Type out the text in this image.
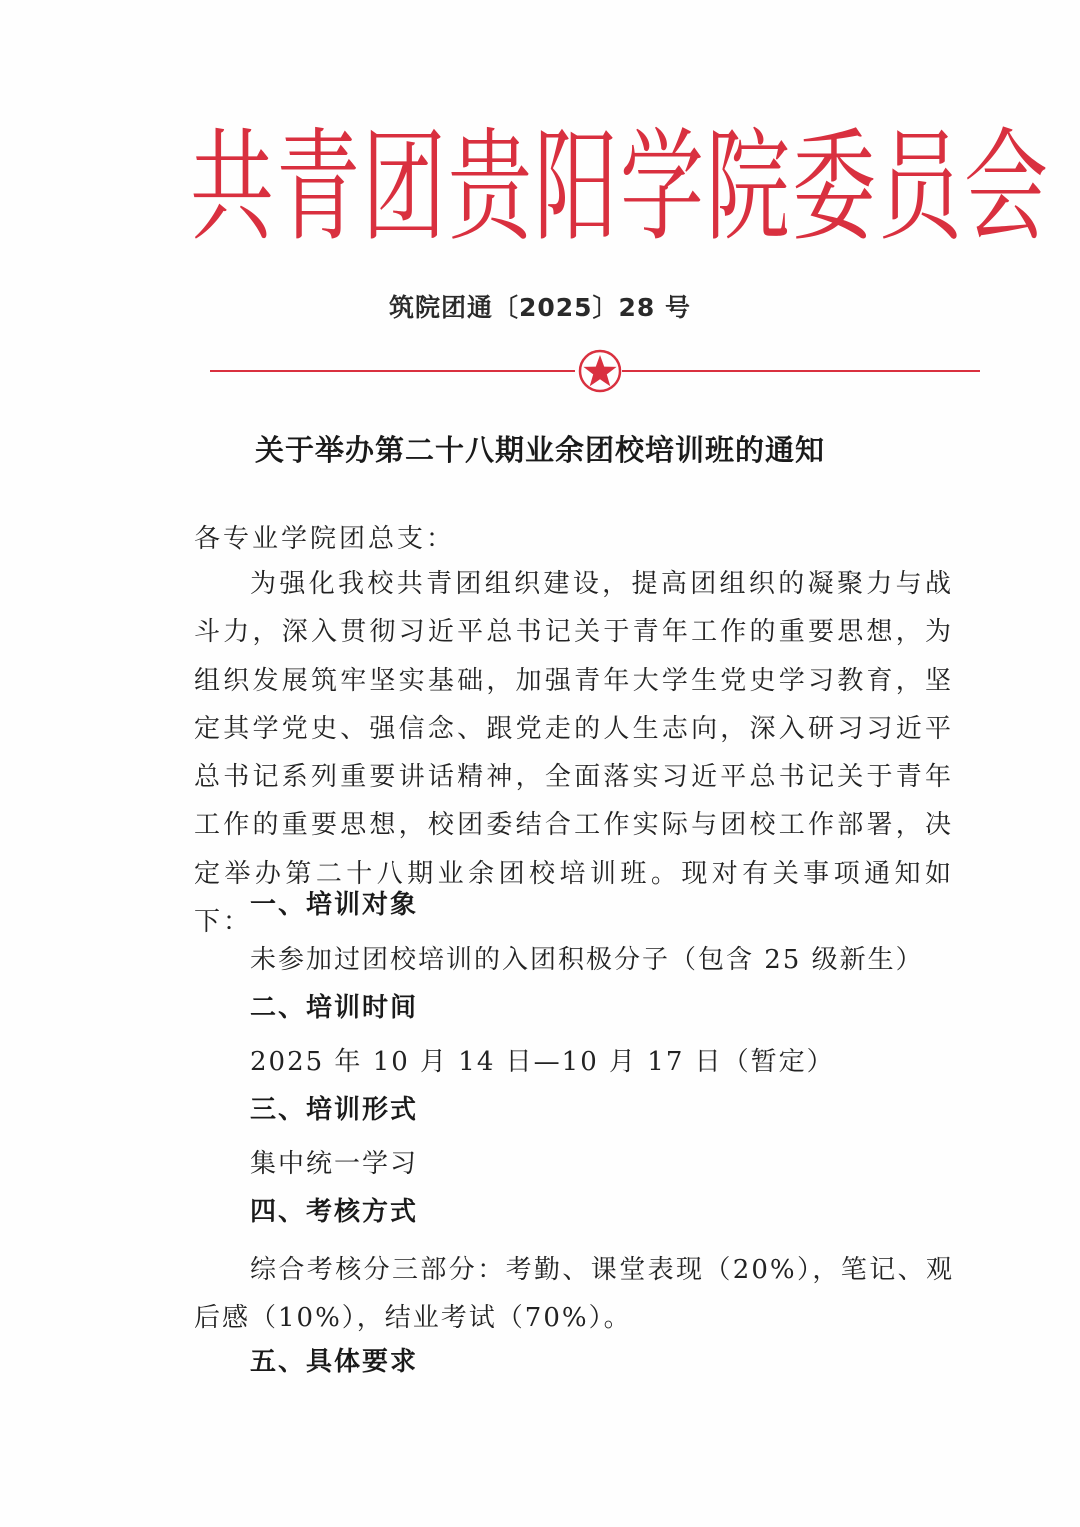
共青团贵阳学院委员会
筑院团通〔2025〕28 号
关于举办第二十八期业余团校培训班的通知
各专业学院团总支：
为强化我校共青团组织建设，提高团组织的凝聚力与战斗力，深入贯彻习近平总书记关于青年工作的重要思想，为组织发展筑牢坚实基础，加强青年大学生党史学习教育，坚定其学党史、强信念、跟党走的人生志向，深入研习习近平总书记系列重要讲话精神，全面落实习近平总书记关于青年工作的重要思想，校团委结合工作实际与团校工作部署，决定举办第二十八期业余团校培训班。现对有关事项通知如下：
一、培训对象
未参加过团校培训的入团积极分子（包含 25 级新生）
二、培训时间
2025 年 10 月 14 日—10 月 17 日（暂定）
三、培训形式
集中统一学习
四、考核方式
综合考核分三部分：考勤、课堂表现（20%），笔记、观后感（10%），结业考试（70%）。
五、具体要求
